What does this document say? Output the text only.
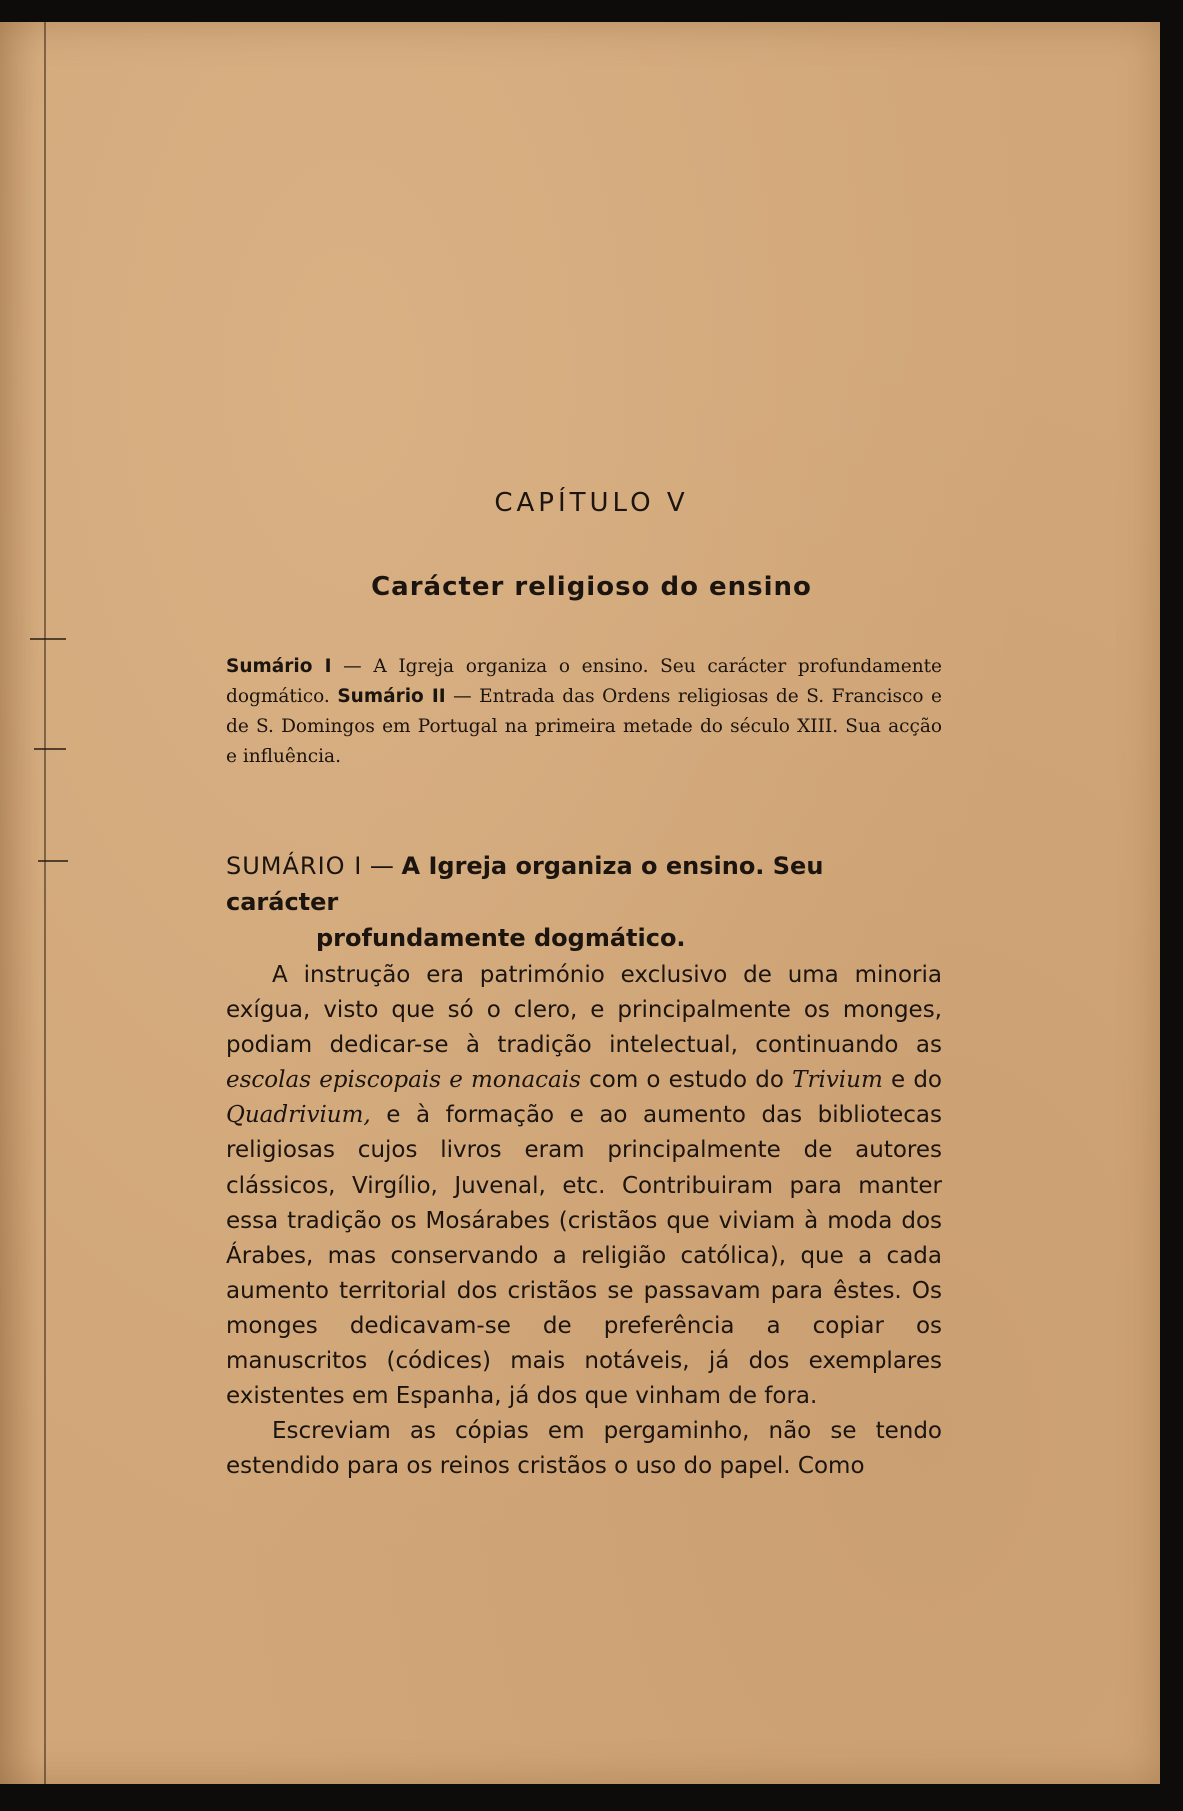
CAPÍTULO V
Carácter religioso do ensino
Sumário I — A Igreja organiza o ensino. Seu carácter profundamente dogmático. Sumário II — Entrada das Ordens religiosas de S. Francisco e de S. Domingos em Portugal na primeira metade do século XIII. Sua acção e influência.
SUMÁRIO I — A Igreja organiza o ensino. Seu carácter
profundamente dogmático.

A instrução era património exclusivo de uma minoria exígua, visto que só o clero, e principalmente os monges, podiam dedicar-se à tradição intelectual, continuando as escolas episcopais e monacais com o estudo do Trivium e do Quadrivium, e à formação e ao aumento das bibliotecas religiosas cujos livros eram principalmente de autores clássicos, Virgílio, Juvenal, etc. Contribuiram para manter essa tradição os Mosárabes (cristãos que viviam à moda dos Árabes, mas conservando a religião católica), que a cada aumento territorial dos cristãos se passavam para êstes. Os monges dedicavam-se de preferência a copiar os manuscritos (códices) mais notáveis, já dos exemplares existentes em Espanha, já dos que vinham de fora.

Escreviam as cópias em pergaminho, não se tendo estendido para os reinos cristãos o uso do papel. Como
